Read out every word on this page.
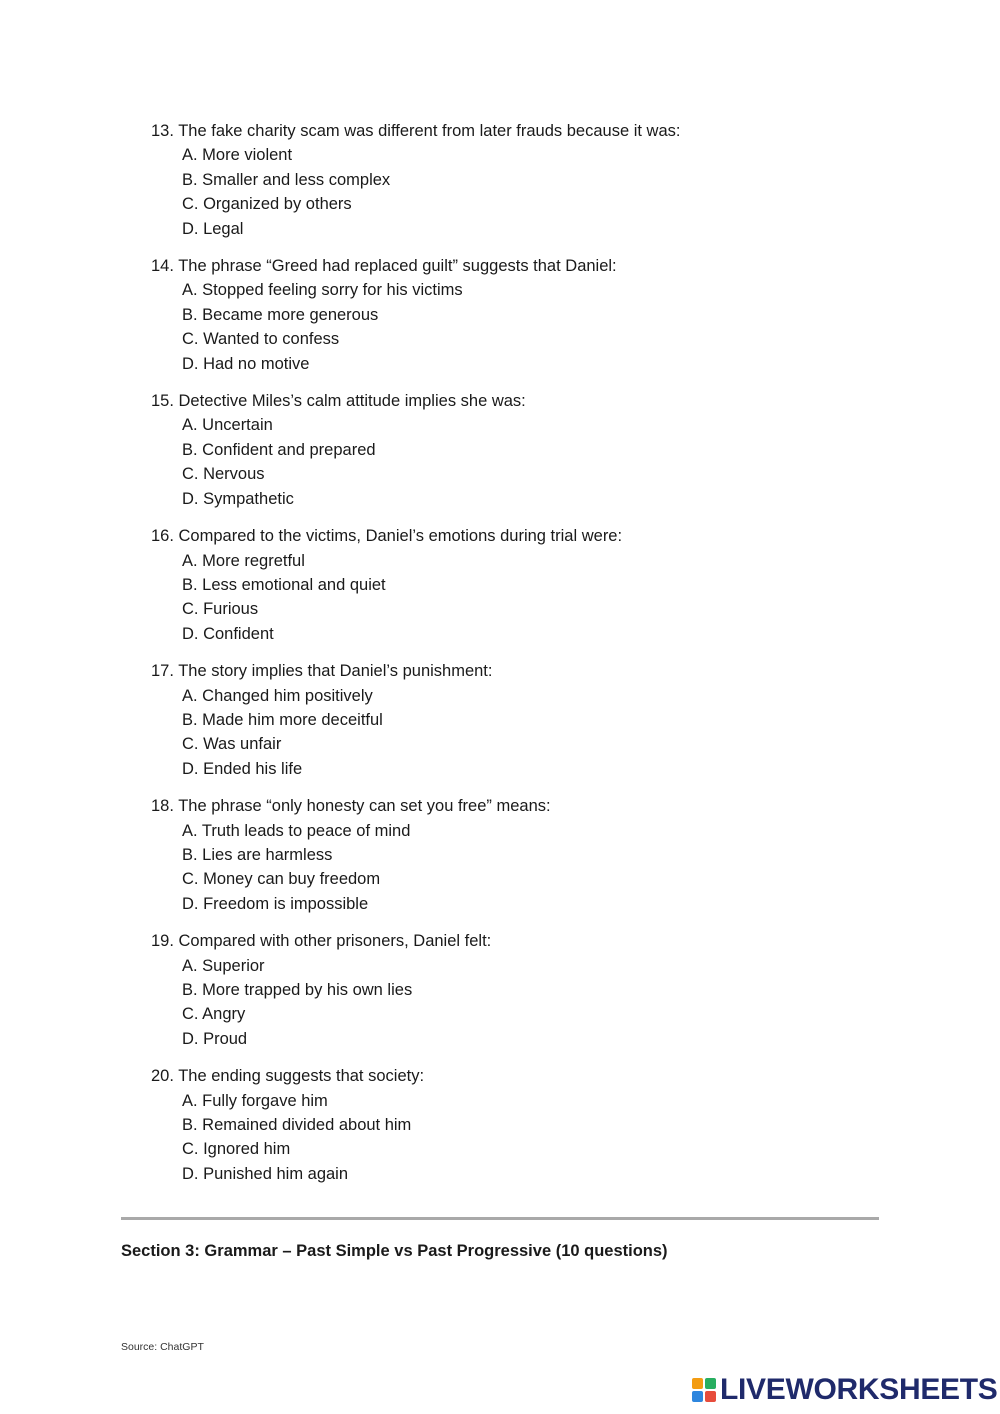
13. The fake charity scam was different from later frauds because it was:
A. More violent
B. Smaller and less complex
C. Organized by others
D. Legal
14. The phrase “Greed had replaced guilt” suggests that Daniel:
A. Stopped feeling sorry for his victims
B. Became more generous
C. Wanted to confess
D. Had no motive
15. Detective Miles’s calm attitude implies she was:
A. Uncertain
B. Confident and prepared
C. Nervous
D. Sympathetic
16. Compared to the victims, Daniel’s emotions during trial were:
A. More regretful
B. Less emotional and quiet
C. Furious
D. Confident
17. The story implies that Daniel’s punishment:
A. Changed him positively
B. Made him more deceitful
C. Was unfair
D. Ended his life
18. The phrase “only honesty can set you free” means:
A. Truth leads to peace of mind
B. Lies are harmless
C. Money can buy freedom
D. Freedom is impossible
19. Compared with other prisoners, Daniel felt:
A. Superior
B. More trapped by his own lies
C. Angry
D. Proud
20. The ending suggests that society:
A. Fully forgave him
B. Remained divided about him
C. Ignored him
D. Punished him again
Section 3: Grammar – Past Simple vs Past Progressive (10 questions)
Source: ChatGPT
LIVEWORKSHEETS
